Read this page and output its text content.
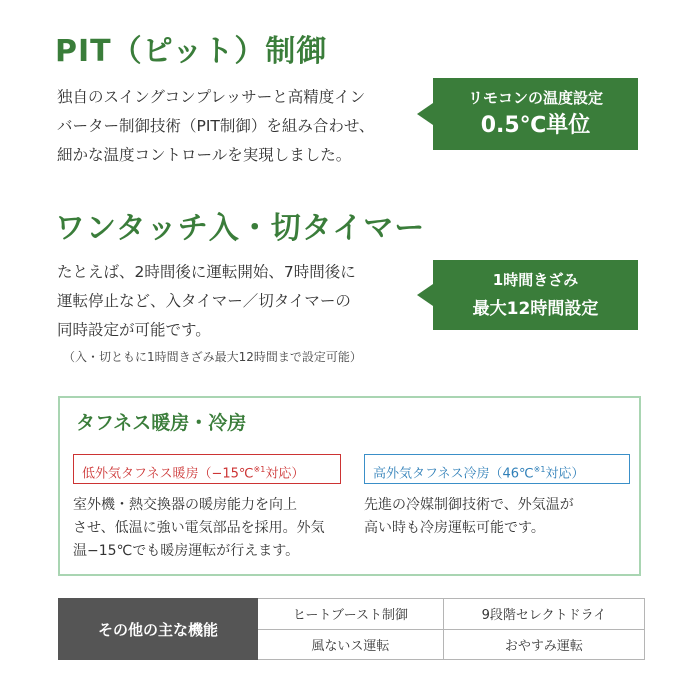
PIT（ピット）制御
独自のスイングコンプレッサーと高精度イン
バーター制御技術（PIT制御）を組み合わせ、
細かな温度コントロールを実現しました。
リモコンの温度設定
0.5℃単位
ワンタッチ入・切タイマー
たとえば、2時間後に運転開始、7時間後に
運転停止など、入タイマー／切タイマーの
同時設定が可能です。
（入・切ともに1時間きざみ最大12時間まで設定可能）
1時間きざみ
最大12時間設定
タフネス暖房・冷房
低外気タフネス暖房（−15℃$^{※1}$対応）	高外気タフネス冷房（46℃$^{※1}$対応）
室外機・熱交換器の暖房能力を向上
させ、低温に強い電気部品を採用。外気
温−15℃でも暖房運転が行えます。
先進の冷媒制御技術で、外気温が
高い時も冷房運転可能です。
その他の主な機能	ヒートブースト制御	9段階セレクトドライ
	風ないス運転	おやすみ運転
